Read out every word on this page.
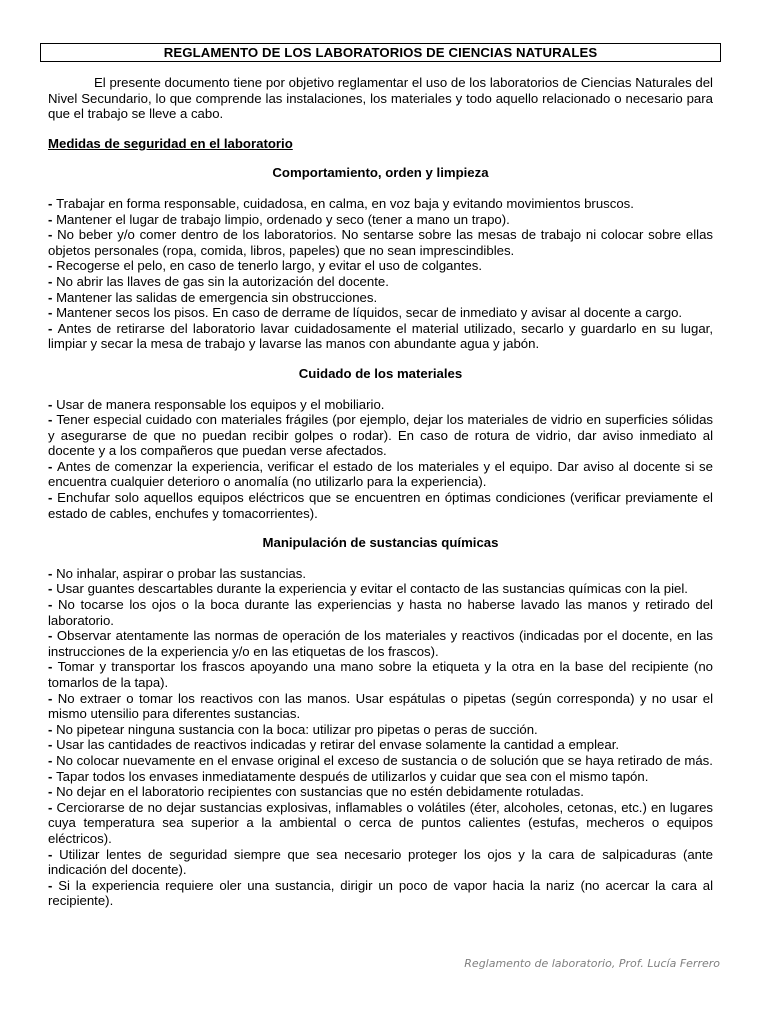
REGLAMENTO DE LOS LABORATORIOS DE CIENCIAS NATURALES

El presente documento tiene por objetivo reglamentar el uso de los laboratorios de Ciencias Naturales del Nivel Secundario, lo que comprende las instalaciones, los materiales y todo aquello relacionado o necesario para que el trabajo se lleve a cabo.

Medidas de seguridad en el laboratorio
Comportamiento, orden y limpieza
- Trabajar en forma responsable, cuidadosa, en calma, en voz baja y evitando movimientos bruscos.
- Mantener el lugar de trabajo limpio, ordenado y seco (tener a mano un trapo).
- No beber y/o comer dentro de los laboratorios. No sentarse sobre las mesas de trabajo ni colocar sobre ellas objetos personales (ropa, comida, libros, papeles) que no sean imprescindibles.
- Recogerse el pelo, en caso de tenerlo largo, y evitar el uso de colgantes.
- No abrir las llaves de gas sin la autorización del docente.
- Mantener las salidas de emergencia sin obstrucciones.
- Mantener secos los pisos. En caso de derrame de líquidos, secar de inmediato y avisar al docente a cargo.
- Antes de retirarse del laboratorio lavar cuidadosamente el material utilizado, secarlo y guardarlo en su lugar, limpiar y secar la mesa de trabajo y lavarse las manos con abundante agua y jabón.
Cuidado de los materiales
- Usar de manera responsable los equipos y el mobiliario.
- Tener especial cuidado con materiales frágiles (por ejemplo, dejar los materiales de vidrio en superficies sólidas y asegurarse de que no puedan recibir golpes o rodar). En caso de rotura de vidrio, dar aviso inmediato al docente y a los compañeros que puedan verse afectados.
- Antes de comenzar la experiencia, verificar el estado de los materiales y el equipo. Dar aviso al docente si se encuentra cualquier deterioro o anomalía (no utilizarlo para la experiencia).
- Enchufar solo aquellos equipos eléctricos que se encuentren en óptimas condiciones (verificar previamente el estado de cables, enchufes y tomacorrientes).
Manipulación de sustancias químicas
- No inhalar, aspirar o probar las sustancias.
- Usar guantes descartables durante la experiencia y evitar el contacto de las sustancias químicas con la piel.
- No tocarse los ojos o la boca durante las experiencias y hasta no haberse lavado las manos y retirado del laboratorio.
- Observar atentamente las normas de operación de los materiales y reactivos (indicadas por el docente, en las instrucciones de la experiencia y/o en las etiquetas de los frascos).
- Tomar y transportar los frascos apoyando una mano sobre la etiqueta y la otra en la base del recipiente (no tomarlos de la tapa).
- No extraer o tomar los reactivos con las manos. Usar espátulas o pipetas (según corresponda) y no usar el mismo utensilio para diferentes sustancias.
- No pipetear ninguna sustancia con la boca: utilizar pro pipetas o peras de succión.
- Usar las cantidades de reactivos indicadas y retirar del envase solamente la cantidad a emplear.
- No colocar nuevamente en el envase original el exceso de sustancia o de solución que se haya retirado de más.
- Tapar todos los envases inmediatamente después de utilizarlos y cuidar que sea con el mismo tapón.
- No dejar en el laboratorio recipientes con sustancias que no estén debidamente rotuladas.
- Cerciorarse de no dejar sustancias explosivas, inflamables o volátiles (éter, alcoholes, cetonas, etc.) en lugares cuya temperatura sea superior a la ambiental o cerca de puntos calientes (estufas, mecheros o equipos eléctricos).
- Utilizar lentes de seguridad siempre que sea necesario proteger los ojos y la cara de salpicaduras (ante indicación del docente).
- Si la experiencia requiere oler una sustancia, dirigir un poco de vapor hacia la nariz (no acercar la cara al recipiente).
Reglamento de laboratorio, Prof. Lucía Ferrero
